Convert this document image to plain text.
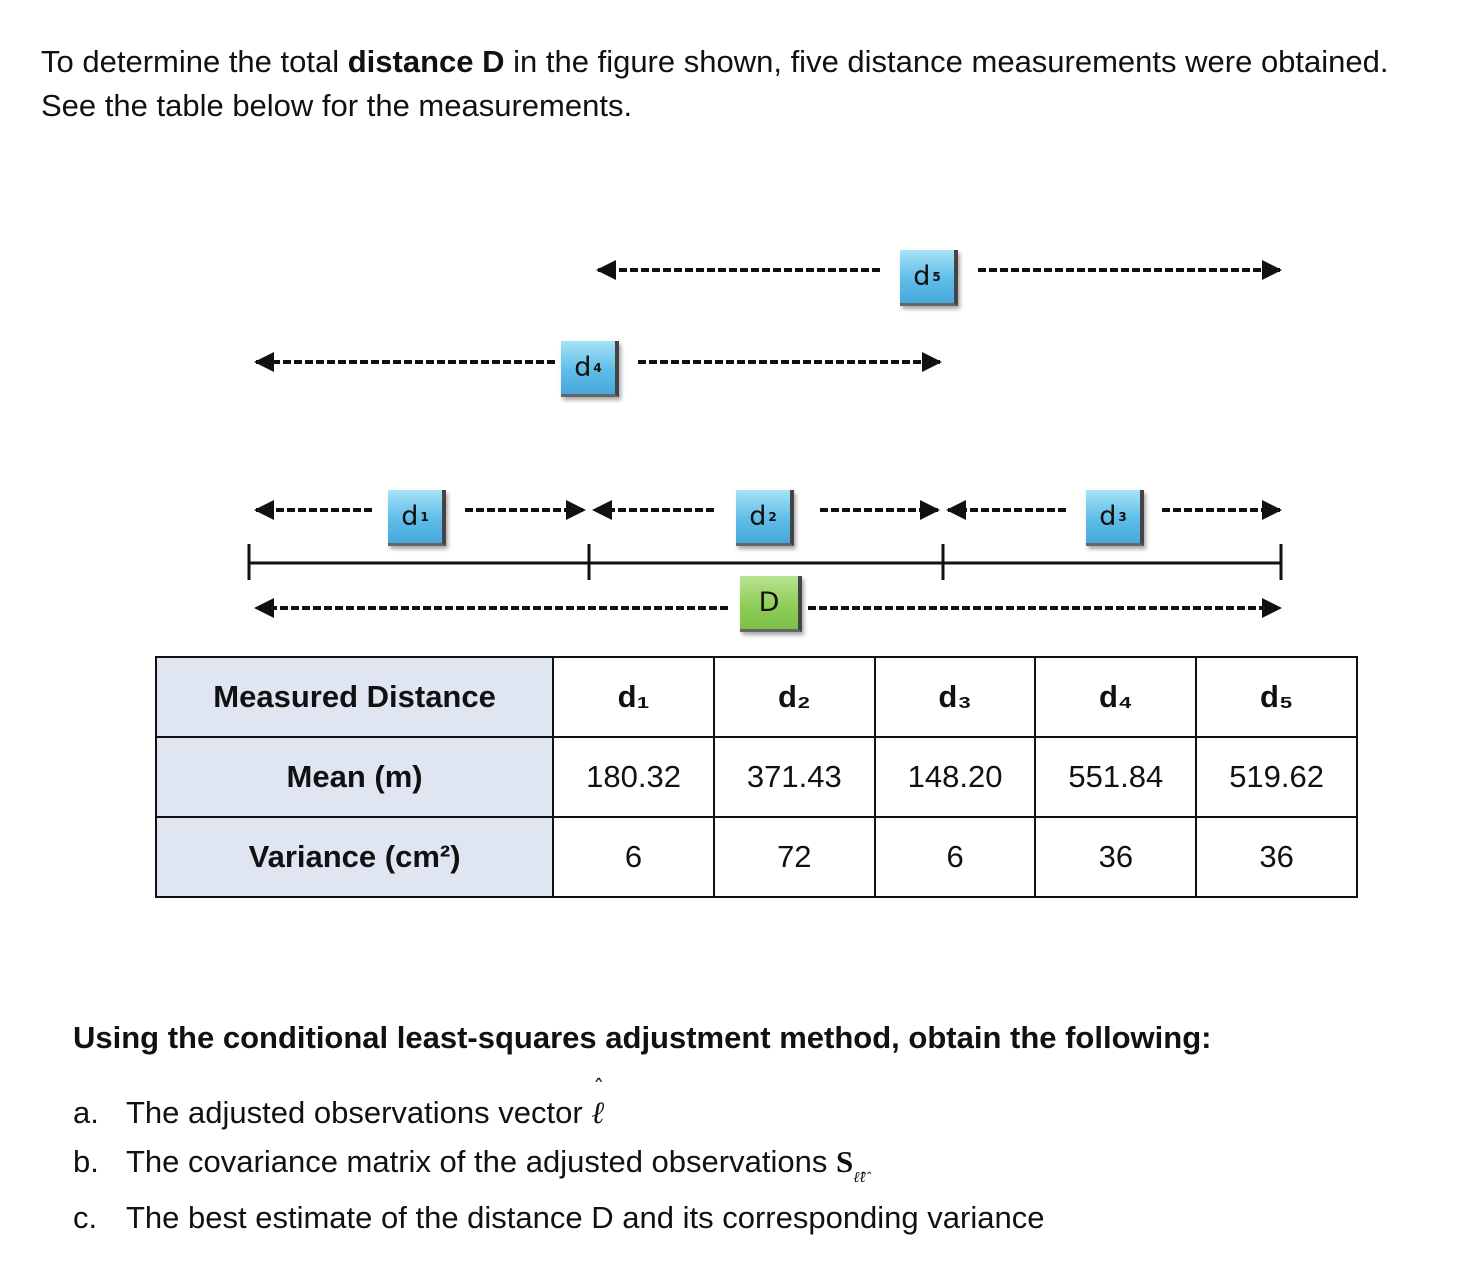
To determine the total distance D in the figure shown, five distance measurements were obtained. See the table below for the measurements.

d 5
d 4
d 1	d 2	d 3
D
Measured Distance	d₁	d₂	d₃	d₄	d₅
Mean (m)	180.32	371.43	148.20	551.84	519.62
Variance (cm²)	6	72	6	36	36

Using the conditional least-squares adjustment method, obtain the following:

a. The adjusted observations vector
ˆ
ℓ

b. The covariance matrix of the adjusted observations $S_{\ell̂\ell̂}$

c. The best estimate of the distance D and its corresponding variance
